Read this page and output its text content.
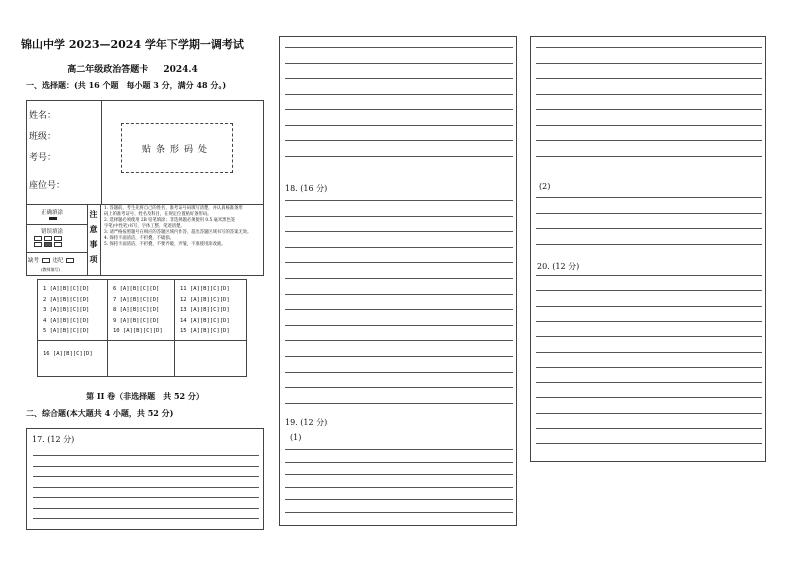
锦山中学 2023—2024 学年下学期一调考试
高二年级政治答题卡 2024.4
一、选择题：(共 16 个题　每小题 3 分，满分 48 分。)
姓名：
班级：
考号：
座位号：
贴条形码处
正确填涂
错误填涂

缺考 违纪
(教师填写)
注
意
事
项
1. 答题前，考生先将自己的姓名、准考证号码填写清楚，并认真核准条形
码上的准考证号、姓名及科目，在规定位置贴好条形码。
2. 选择题必须使用 2B 铅笔填涂；非选择题必须使用 0.5 毫米黑色签
字笔(中性笔)书写，字体工整、笔迹清楚。
3. 请严格按照题号在相应的答题区域内作答，超出答题区域书写的答案无效。
4. 保持卡面清洁，不折叠，不破损。
5. 保持卡面清洁，不折叠，不要弄破、弄皱，不准使用涂改液。
1 [A][B][C][D]
2 [A][B][C][D]
3 [A][B][C][D]
4 [A][B][C][D]
5 [A][B][C][D]
6 [A][B][C][D]
7 [A][B][C][D]
8 [A][B][C][D]
9 [A][B][C][D]
10 [A][B][C][D]
11 [A][B][C][D]
12 [A][B][C][D]
13 [A][B][C][D]
14 [A][B][C][D]
15 [A][B][C][D]
16 [A][B][C][D]
第 II 卷（非选择题　共 52 分）
二、综合题(本大题共 4 小题，共 52 分)
17. (12 分)
18. (16 分)
19. (12 分)
(1)
(2)
20. (12 分)
